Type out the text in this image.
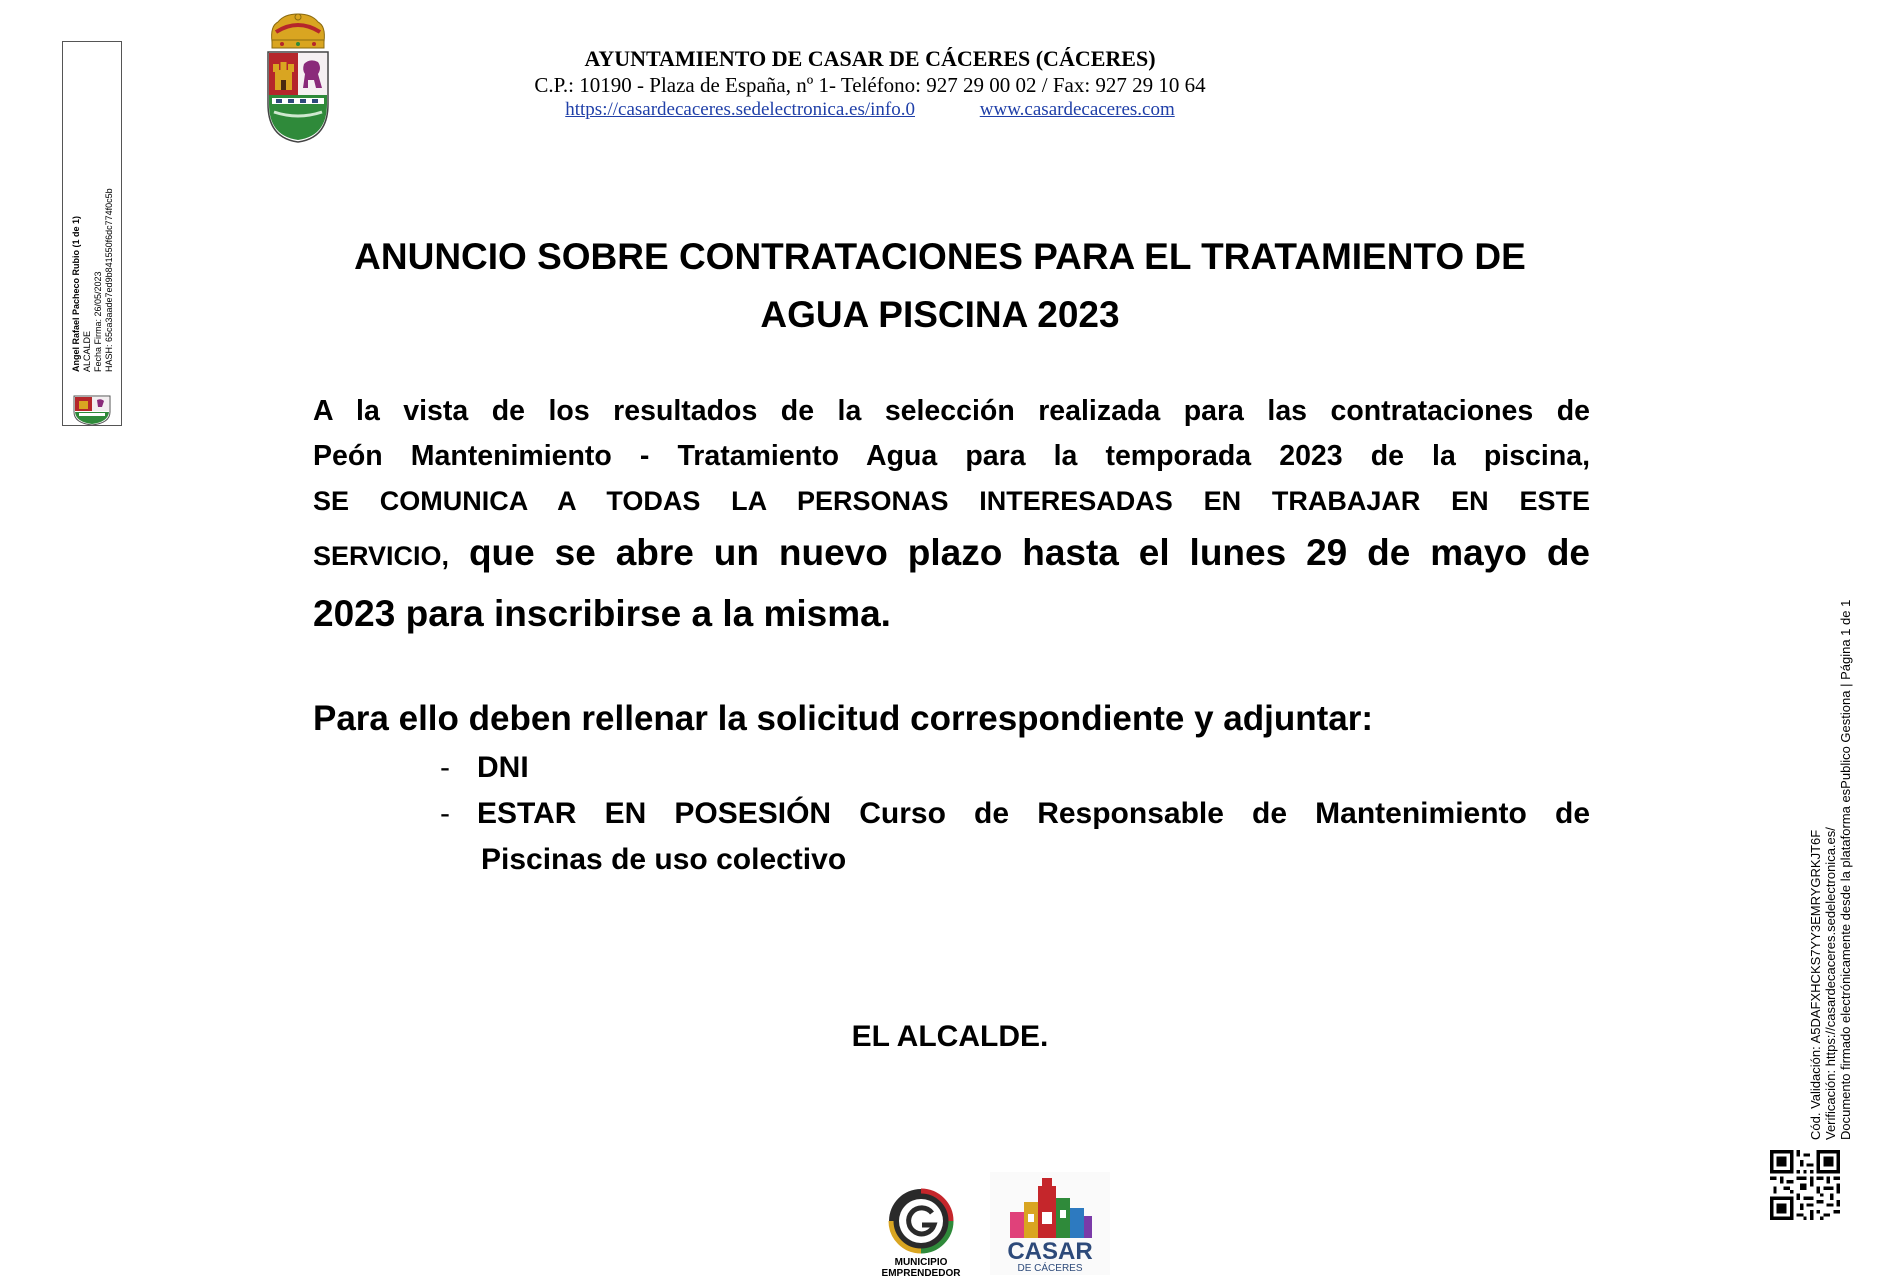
Angel Rafael Pacheco Rubio (1 de 1) ALCALDE Fecha Firma: 26/05/2023 HASH: 65ca3aade7ed9b841550f6dc774f0c5b
AYUNTAMIENTO DE CASAR DE CÁCERES (CÁCERES)
C.P.: 10190 - Plaza de España, nº 1- Teléfono: 927 29 00 02 / Fax: 927 29 10 64
https://casardecaceres.sedelectronica.es/info.0	www.casardecaceres.com
ANUNCIO SOBRE CONTRATACIONES PARA EL TRATAMIENTO DE
AGUA PISCINA 2023
A la vista de los resultados de la selección realizada para las contrataciones de
Peón Mantenimiento - Tratamiento Agua para la temporada 2023 de la piscina,
SE COMUNICA A TODAS LA PERSONAS INTERESADAS EN TRABAJAR EN ESTE
SERVICIO, que se abre un nuevo plazo hasta el lunes 29 de mayo de
2023 para inscribirse a la misma.
Para ello deben rellenar la solicitud correspondiente y adjuntar:
- DNI
- ESTAR EN POSESIÓN Curso de Responsable de Mantenimiento de
Piscinas de uso colectivo
EL ALCALDE.	Cód. Validación: A5DAFXHCKS7YY3EMRYGRKJT6F Verificación: https://casardecaceres.sedelectronica.es/ Documento firmado electrónicamente desde la plataforma esPublico Gestiona | Página 1 de 1
MUNICIPIO
EMPRENDEDOR
CASAR
DE CÁCERES
